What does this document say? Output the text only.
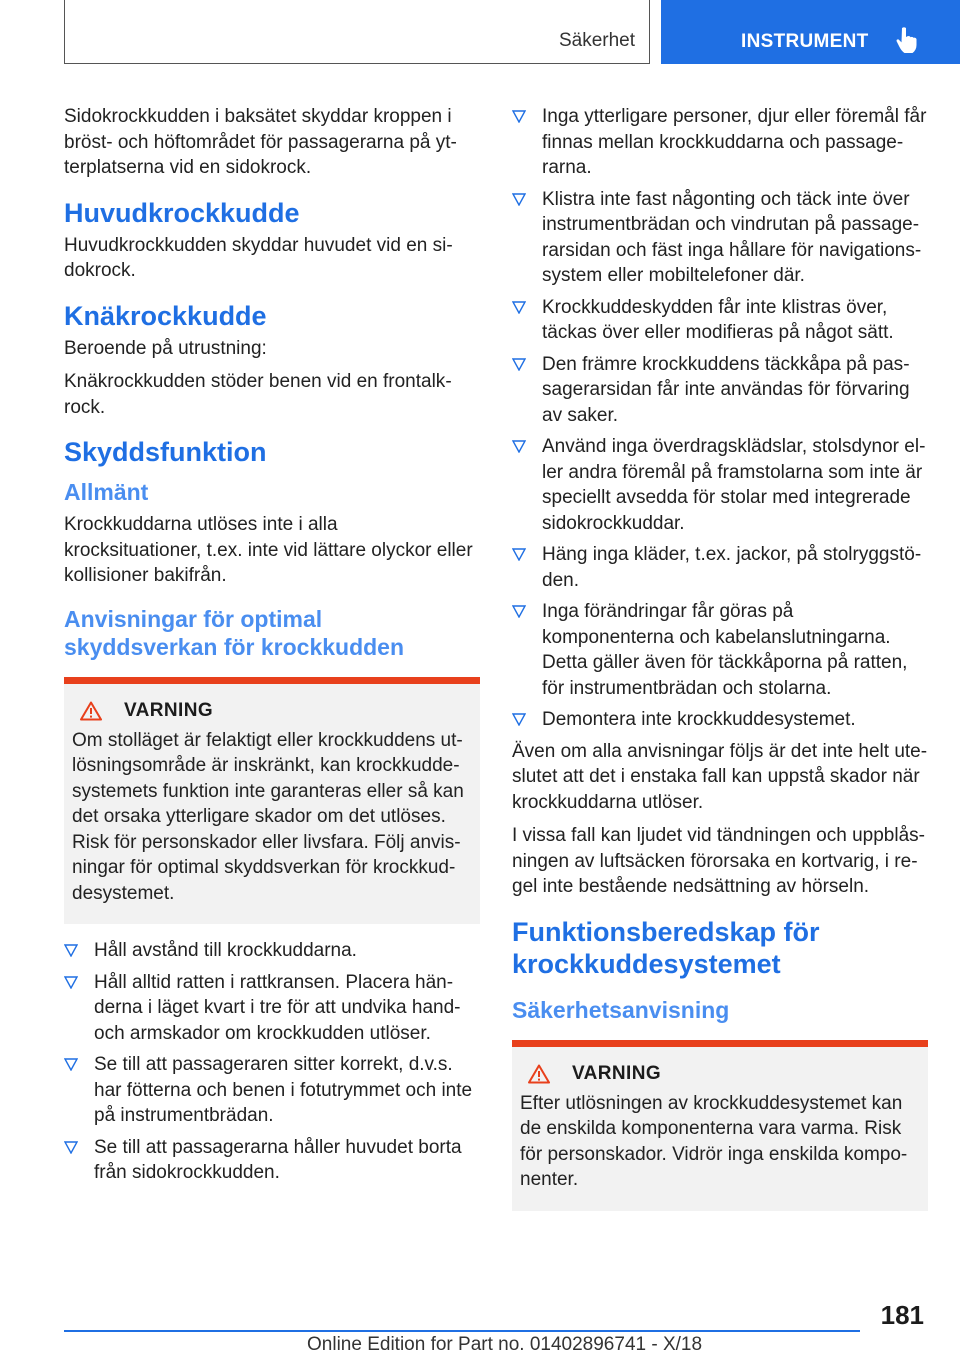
Säkerhet	INSTRUMENT

Sidokrockkudden i baksätet skyddar kroppen i bröst- och höftområdet för passagerarna på ytterplatserna vid en sidokrock.

Huvudkrockkudde

Huvudkrockkudden skyddar huvudet vid en sidokrock.

Knäkrockkudde

Beroende på utrustning:

Knäkrockkudden stöder benen vid en frontalkrock.

Skyddsfunktion
Allmänt

Krockkuddarna utlöses inte i alla krocksituationer, t.ex. inte vid lättare olyckor eller kollisioner bakifrån.

Anvisningar för optimal skyddsverkan för krockkudden
VARNING

Om stolläget är felaktigt eller krockkuddens utlösningsområde är inskränkt, kan krockkuddesystemets funktion inte garanteras eller så kan det orsaka ytterligare skador om det utlöses. Risk för personskador eller livsfara. Följ anvisningar för optimal skyddsverkan för krockkuddesystemet.

Håll avstånd till krockkuddarna.
Håll alltid ratten i rattkransen. Placera händerna i läget kvart i tre för att undvika hand- och armskador om krockkudden utlöser.
Se till att passageraren sitter korrekt, d.v.s. har fötterna och benen i fotutrymmet och inte på instrumentbrädan.
Se till att passagerarna håller huvudet borta från sidokrockkudden.
Inga ytterligare personer, djur eller föremål får finnas mellan krockkuddarna och passagerarna.
Klistra inte fast någonting och täck inte över instrumentbrädan och vindrutan på passagerarsidan och fäst inga hållare för navigationssystem eller mobiltelefoner där.
Krockkuddeskydden får inte klistras över, täckas över eller modifieras på något sätt.
Den främre krockkuddens täckkåpa på passagerarsidan får inte användas för förvaring av saker.
Använd inga överdragsklädslar, stolsdynor eller andra föremål på framstolarna som inte är speciellt avsedda för stolar med integrerade sidokrockkuddar.
Häng inga kläder, t.ex. jackor, på stolryggstöden.
Inga förändringar får göras på komponenterna och kabelanslutningarna. Detta gäller även för täckkåporna på ratten, för instrumentbrädan och stolarna.
Demontera inte krockkuddesystemet.

Även om alla anvisningar följs är det inte helt uteslutet att det i enstaka fall kan uppstå skador när krockkuddarna utlöser.

I vissa fall kan ljudet vid tändningen och uppblåsningen av luftsäcken förorsaka en kortvarig, i regel inte bestående nedsättning av hörseln.

Funktionsberedskap för krockkuddesystemet
Säkerhetsanvisning
VARNING

Efter utlösningen av krockkuddesystemet kan de enskilda komponenterna vara varma. Risk för personskador. Vidrör inga enskilda komponenter.

181
Online Edition for Part no. 01402896741 - X/18
